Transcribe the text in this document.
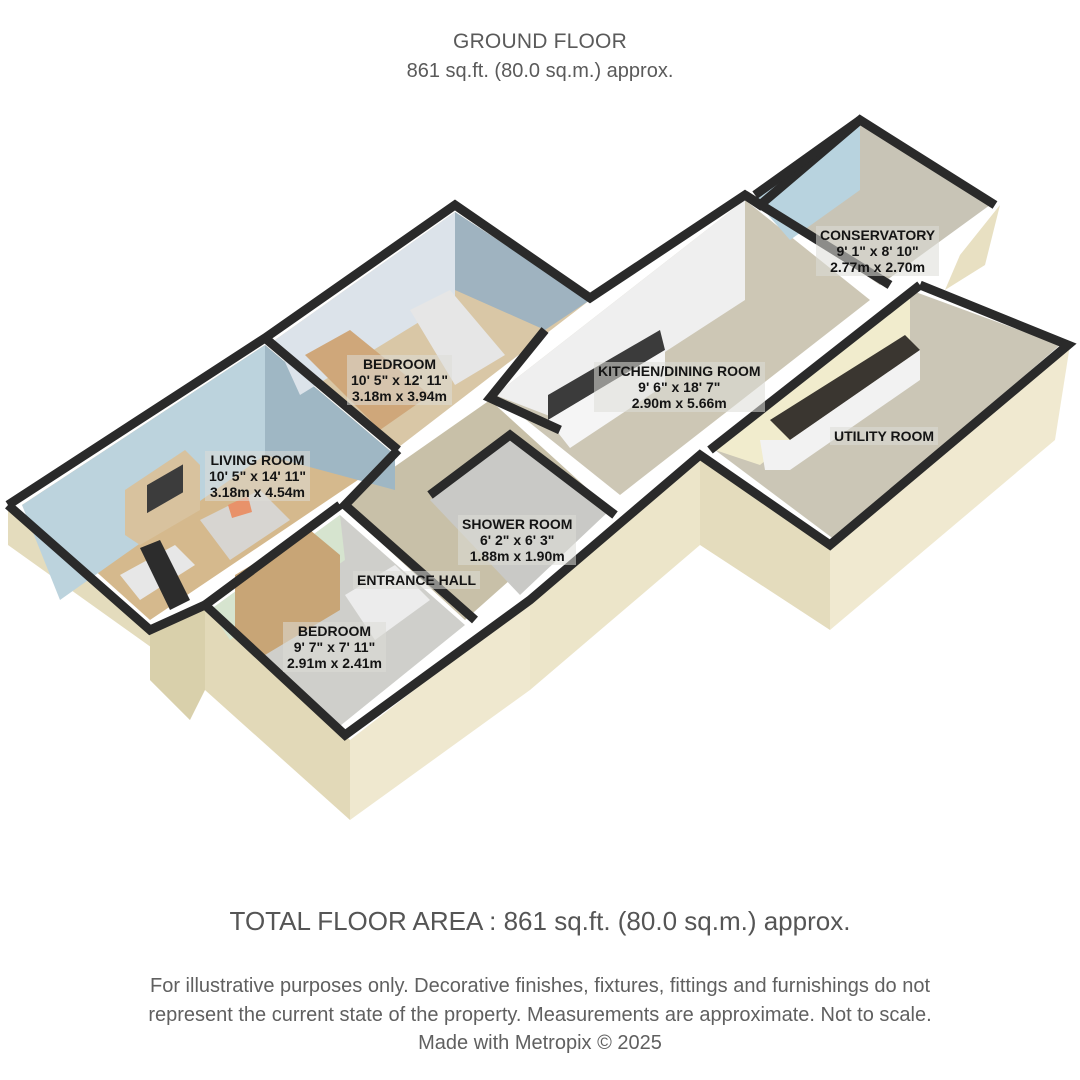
GROUND FLOOR
861 sq.ft. (80.0 sq.m.) approx.
CONSERVATORY
9' 1" x 8' 10"
2.77m x 2.70m
BEDROOM
10' 5" x 12' 11"
3.18m x 3.94m
KITCHEN/DINING ROOM
9' 6" x 18' 7"
2.90m x 5.66m
LIVING ROOM
10' 5" x 14' 11"
3.18m x 4.54m
UTILITY ROOM
SHOWER ROOM
6' 2" x 6' 3"
1.88m x 1.90m
ENTRANCE HALL
BEDROOM
9' 7" x 7' 11"
2.91m x 2.41m
TOTAL FLOOR AREA : 861 sq.ft. (80.0 sq.m.) approx.
For illustrative purposes only. Decorative finishes, fixtures, fittings and furnishings do not
represent the current state of the property. Measurements are approximate. Not to scale.
Made with Metropix © 2025
